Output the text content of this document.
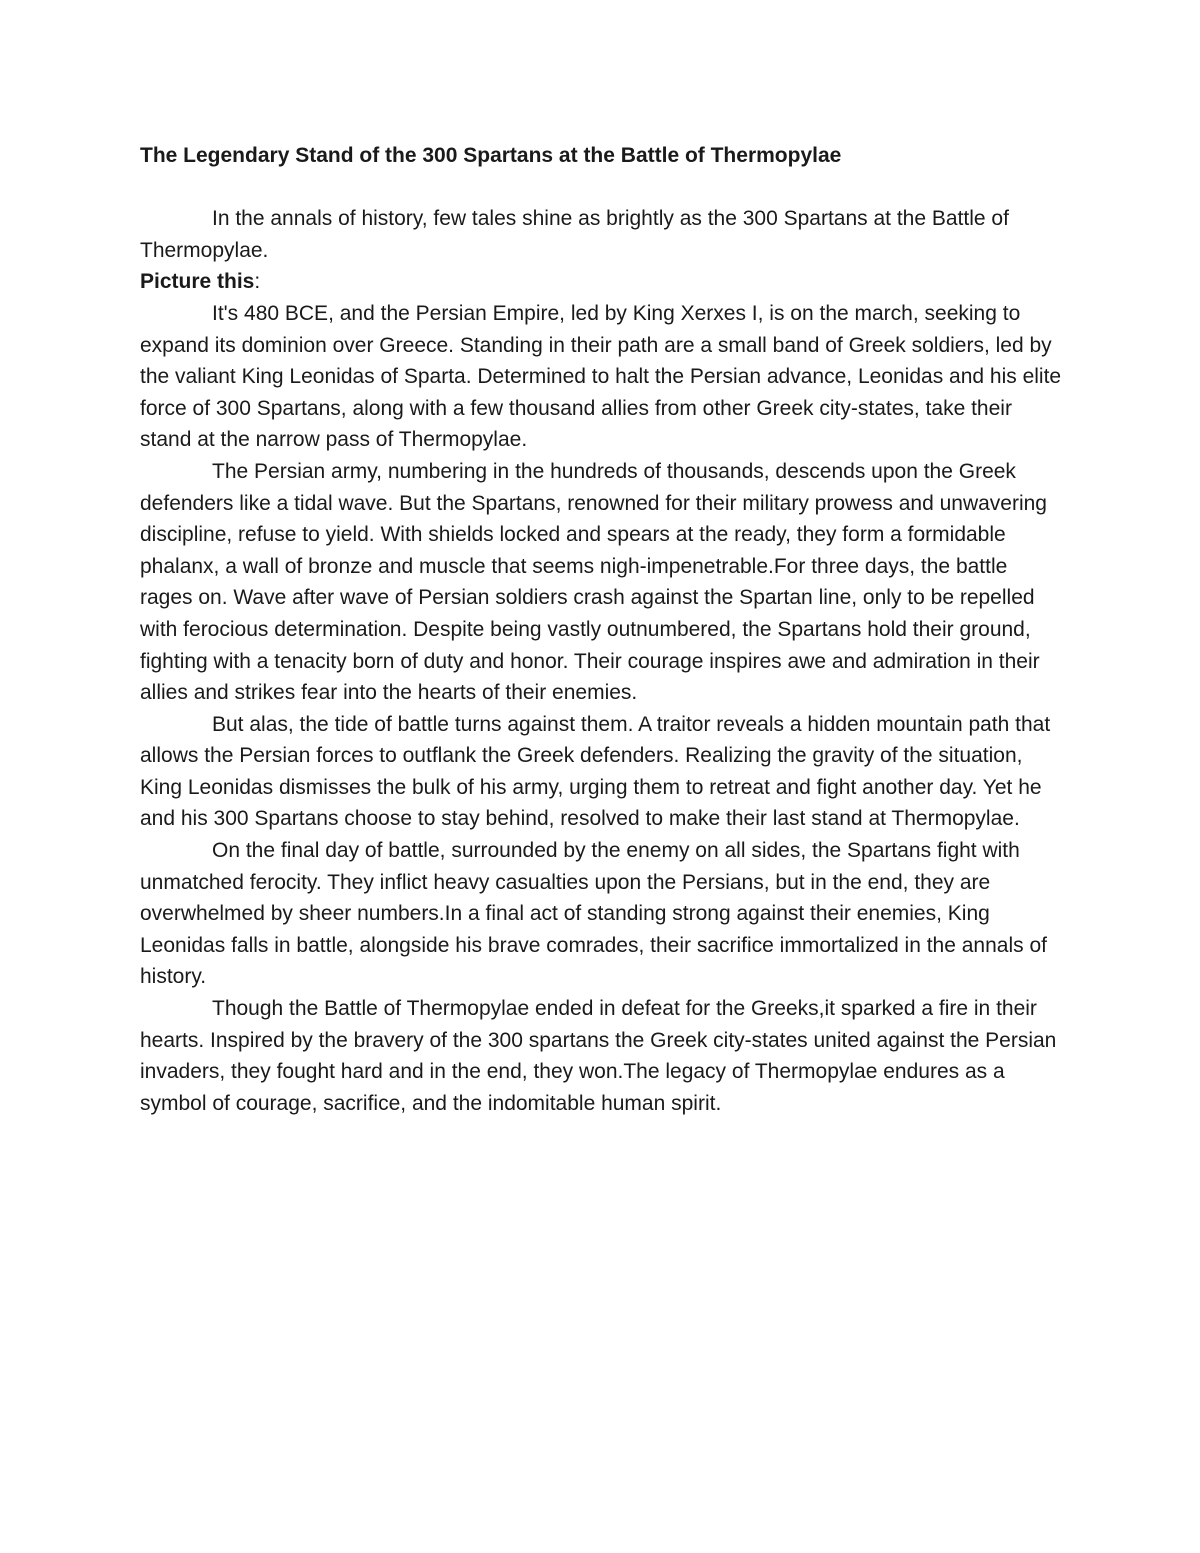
The Legendary Stand of the 300 Spartans at the Battle of Thermopylae

In the annals of history, few tales shine as brightly as the 300 Spartans at the Battle of Thermopylae.

Picture this:

It's 480 BCE, and the Persian Empire, led by King Xerxes I, is on the march, seeking to expand its dominion over Greece. Standing in their path are a small band of Greek soldiers, led by the valiant King Leonidas of Sparta. Determined to halt the Persian advance, Leonidas and his elite force of 300 Spartans, along with a few thousand allies from other Greek city-states, take their stand at the narrow pass of Thermopylae.

The Persian army, numbering in the hundreds of thousands, descends upon the Greek defenders like a tidal wave. But the Spartans, renowned for their military prowess and unwavering discipline, refuse to yield. With shields locked and spears at the ready, they form a formidable phalanx, a wall of bronze and muscle that seems nigh-impenetrable.For three days, the battle rages on. Wave after wave of Persian soldiers crash against the Spartan line, only to be repelled with ferocious determination. Despite being vastly outnumbered, the Spartans hold their ground, fighting with a tenacity born of duty and honor. Their courage inspires awe and admiration in their allies and strikes fear into the hearts of their enemies.

But alas, the tide of battle turns against them. A traitor reveals a hidden mountain path that allows the Persian forces to outflank the Greek defenders. Realizing the gravity of the situation, King Leonidas dismisses the bulk of his army, urging them to retreat and fight another day. Yet he and his 300 Spartans choose to stay behind, resolved to make their last stand at Thermopylae.

On the final day of battle, surrounded by the enemy on all sides, the Spartans fight with unmatched ferocity. They inflict heavy casualties upon the Persians, but in the end, they are overwhelmed by sheer numbers.In a final act of standing strong against their enemies, King Leonidas falls in battle, alongside his brave comrades, their sacrifice immortalized in the annals of history.

Though the Battle of Thermopylae ended in defeat for the Greeks,it sparked a fire in their hearts. Inspired by the bravery of the 300 spartans the Greek city-states united against the Persian invaders, they fought hard and in the end, they won.The legacy of Thermopylae endures as a symbol of courage, sacrifice, and the indomitable human spirit.
